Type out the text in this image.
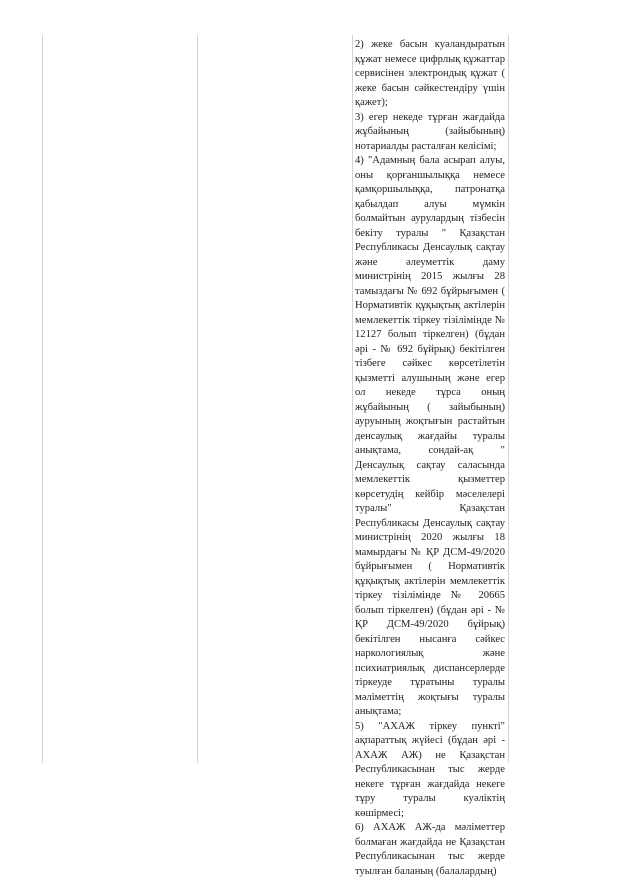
2) жеке басын куәландыратын құжат немесе цифрлық құжаттар сервисінен электрондық құжат ( жеке басын сәйкестендіру үшін қажет);

3) егер некеде тұрған жағдайда жұбайының (зайыбының) нотариалды расталған келісімі;

4) "Адамның бала асырап алуы, оны қорғаншылыққа немесе қамқоршылыққа, патронатқа қабылдап алуы мүмкін болмайтын аурулардың тізбесін бекіту туралы " Қазақстан Республикасы Денсаулық сақтау және әлеуметтік даму министрінің 2015 жылғы 28 тамыздағы № 692 бұйрығымен ( Нормативтік құқықтық актілерін мемлекеттік тіркеу тізілімінде № 12127 болып тіркелген) (бұдан әрі - № 692 бұйрық) бекітілген тізбеге сәйкес көрсетілетін қызметті алушының және егер ол некеде тұрса оның жұбайының ( зайыбының) ауруының жоқтығын растайтын денсаулық жағдайы туралы анықтама, сондай-ақ " Денсаулық сақтау саласында мемлекеттік қызметтер көрсетудің кейбір мәселелері туралы" Қазақстан Республикасы Денсаулық сақтау министрінің 2020 жылғы 18 мамырдағы № ҚР ДСМ-49/2020 бұйрығымен ( Нормативтік құқықтық актілерін мемлекеттік тіркеу тізілімінде № 20665 болып тіркелген) (бұдан әрі - № ҚР ДСМ-49/2020 бұйрық) бекітілген нысанға сәйкес наркологиялық және психиатриялық диспансерлерде тіркеуде тұратыны туралы мәліметтің жоқтығы туралы анықтама;

5) "АХАЖ тіркеу пункті" ақпараттық жүйесі (бұдан әрі - АХАЖ АЖ) не Қазақстан Республикасынан тыс жерде некеге тұрған жағдайда некеге тұру туралы куәліктің көшірмесі;

6) АХАЖ АЖ-да мәліметтер болмаған жағдайда не Қазақстан Республикасынан тыс жерде туылған баланың (балалардың)
